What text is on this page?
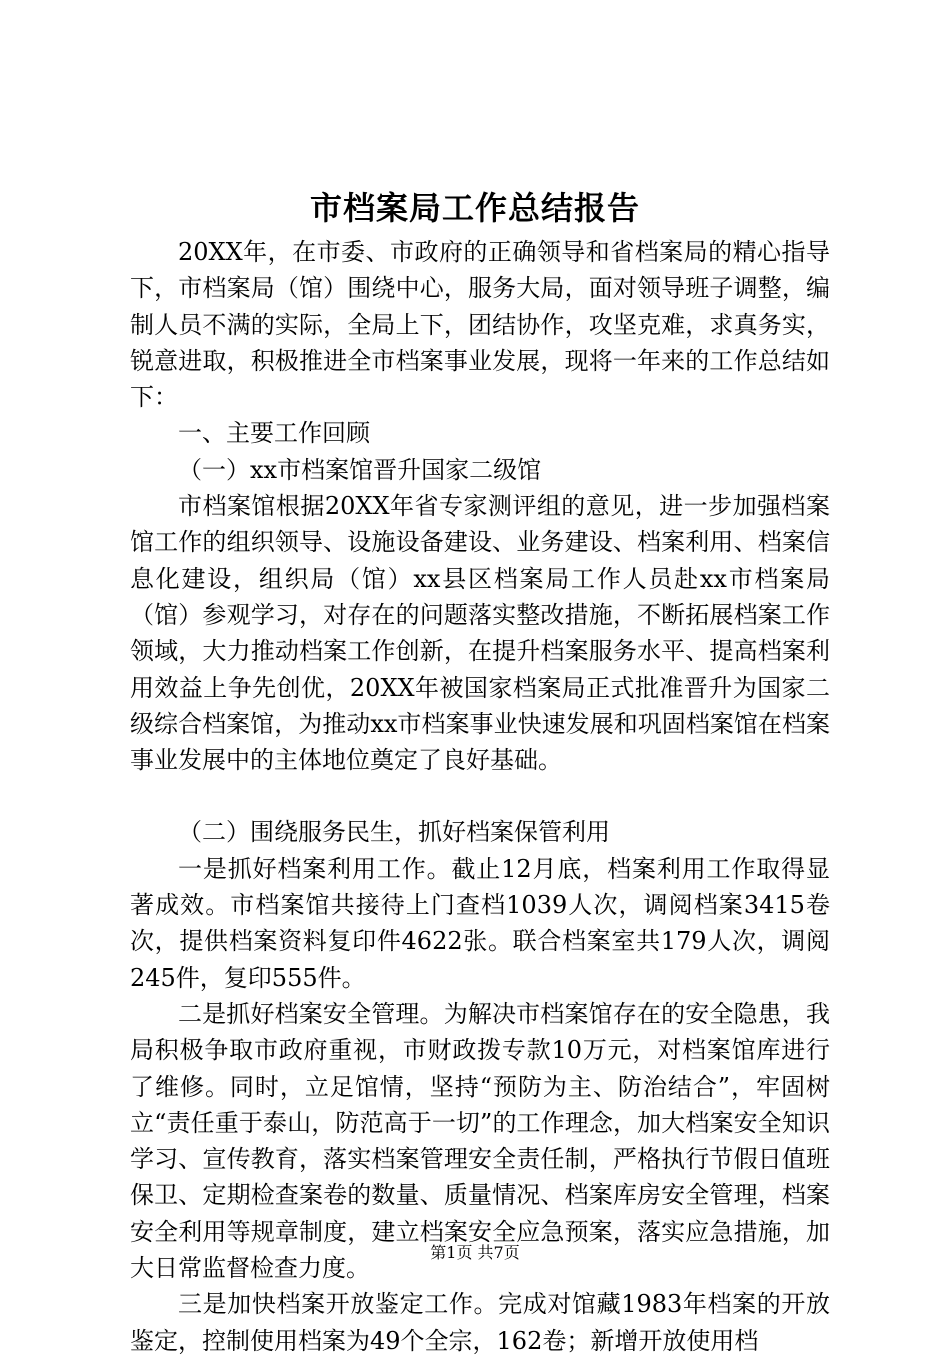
市档案局工作总结报告

20XX年，在市委、市政府的正确领导和省档案局的精心指导下，市档案局（馆）围绕中心，服务大局，面对领导班子调整，编制人员不满的实际，全局上下，团结协作，攻坚克难，求真务实，锐意进取，积极推进全市档案事业发展，现将一年来的工作总结如下：

一、主要工作回顾

（一）xx市档案馆晋升国家二级馆

市档案馆根据20XX年省专家测评组的意见，进一步加强档案馆工作的组织领导、设施设备建设、业务建设、档案利用、档案信息化建设，组织局（馆）xx县区档案局工作人员赴xx市档案局（馆）参观学习，对存在的问题落实整改措施，不断拓展档案工作领域，大力推动档案工作创新，在提升档案服务水平、提高档案利用效益上争先创优，20XX年被国家档案局正式批准晋升为国家二级综合档案馆，为推动xx市档案事业快速发展和巩固档案馆在档案事业发展中的主体地位奠定了良好基础。

（二）围绕服务民生，抓好档案保管利用

一是抓好档案利用工作。截止12月底，档案利用工作取得显著成效。市档案馆共接待上门查档1039人次，调阅档案3415卷次，提供档案资料复印件4622张。联合档案室共179人次，调阅245件，复印555件。

二是抓好档案安全管理。为解决市档案馆存在的安全隐患，我局积极争取市政府重视，市财政拨专款10万元，对档案馆库进行了维修。同时，立足馆情，坚持“预防为主、防治结合”，牢固树立“责任重于泰山，防范高于一切”的工作理念，加大档案安全知识学习、宣传教育，落实档案管理安全责任制，严格执行节假日值班保卫、定期检查案卷的数量、质量情况、档案库房安全管理，档案安全利用等规章制度，建立档案安全应急预案，落实应急措施，加大日常监督检查力度。

三是加快档案开放鉴定工作。完成对馆藏1983年档案的开放鉴定，控制使用档案为49个全宗，162卷；新增开放使用档

第1页 共7页
